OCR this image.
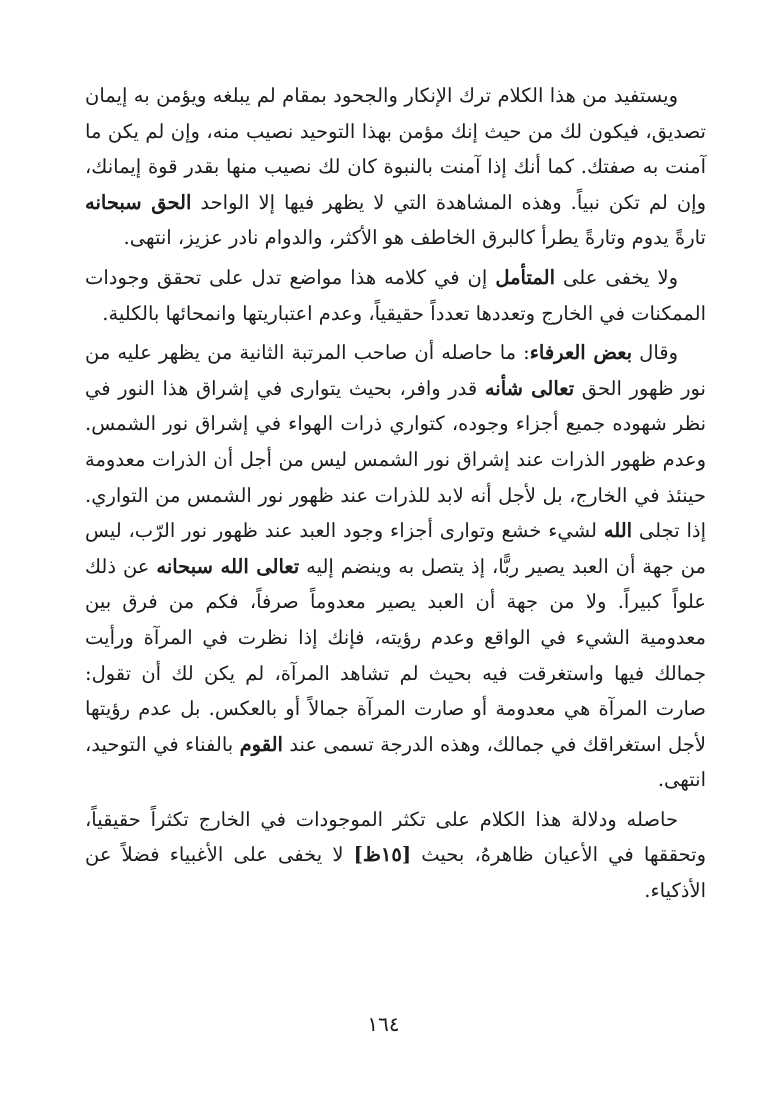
ويستفيد من هذا الكلام ترك الإنكار والجحود بمقام لم يبلغه ويؤمن به إيمان تصديق، فيكون لك من حيث إنك مؤمن بهذا التوحيد نصيب منه، وإن لم يكن ما آمنت به صفتك. كما أنك إذا آمنت بالنبوة كان لك نصيب منها بقدر قوة إيمانك، وإن لم تكن نبياً. وهذه المشاهدة التي لا يظهر فيها إلا الواحد الحق سبحانه تارةً يدوم وتارةً يطرأ كالبرق الخاطف هو الأكثر، والدوام نادر عزيز، انتهى.

ولا يخفى على المتأمل إن في كلامه هذا مواضع تدل على تحقق وجودات الممكنات في الخارج وتعددها تعدداً حقيقياً، وعدم اعتباريتها وانمحائها بالكلية.

وقال بعض العرفاء: ما حاصله أن صاحب المرتبة الثانية من يظهر عليه من نور ظهور الحق تعالى شأنه قدر وافر، بحيث يتوارى في إشراق هذا النور في نظر شهوده جميع أجزاء وجوده، كتواري ذرات الهواء في إشراق نور الشمس. وعدم ظهور الذرات عند إشراق نور الشمس ليس من أجل أن الذرات معدومة حينئذ في الخارج، بل لأجل أنه لابد للذرات عند ظهور نور الشمس من التواري. إذا تجلى الله لشيء خشع وتوارى أجزاء وجود العبد عند ظهور نور الرّب، ليس من جهة أن العبد يصير ربًّا، إذ يتصل به وينضم إليه تعالى الله سبحانه عن ذلك علواً كبيراً. ولا من جهة أن العبد يصير معدوماً صرفاً، فكم من فرق بين معدومية الشيء في الواقع وعدم رؤيته، فإنك إذا نظرت في المرآة ورأيت جمالك فيها واستغرقت فيه بحيث لم تشاهد المرآة، لم يكن لك أن تقول: صارت المرآة هي معدومة أو صارت المرآة جمالاً أو بالعكس. بل عدم رؤيتها لأجل استغراقك في جمالك، وهذه الدرجة تسمى عند القوم بالفناء في التوحيد، انتهى.

حاصله ودلالة هذا الكلام على تكثر الموجودات في الخارج تكثراً حقيقياً، وتحققها في الأعيان ظاهرهُ، بحيث [١٥ظ] لا يخفى على الأغبياء فضلاً عن الأذكياء.

١٦٤
